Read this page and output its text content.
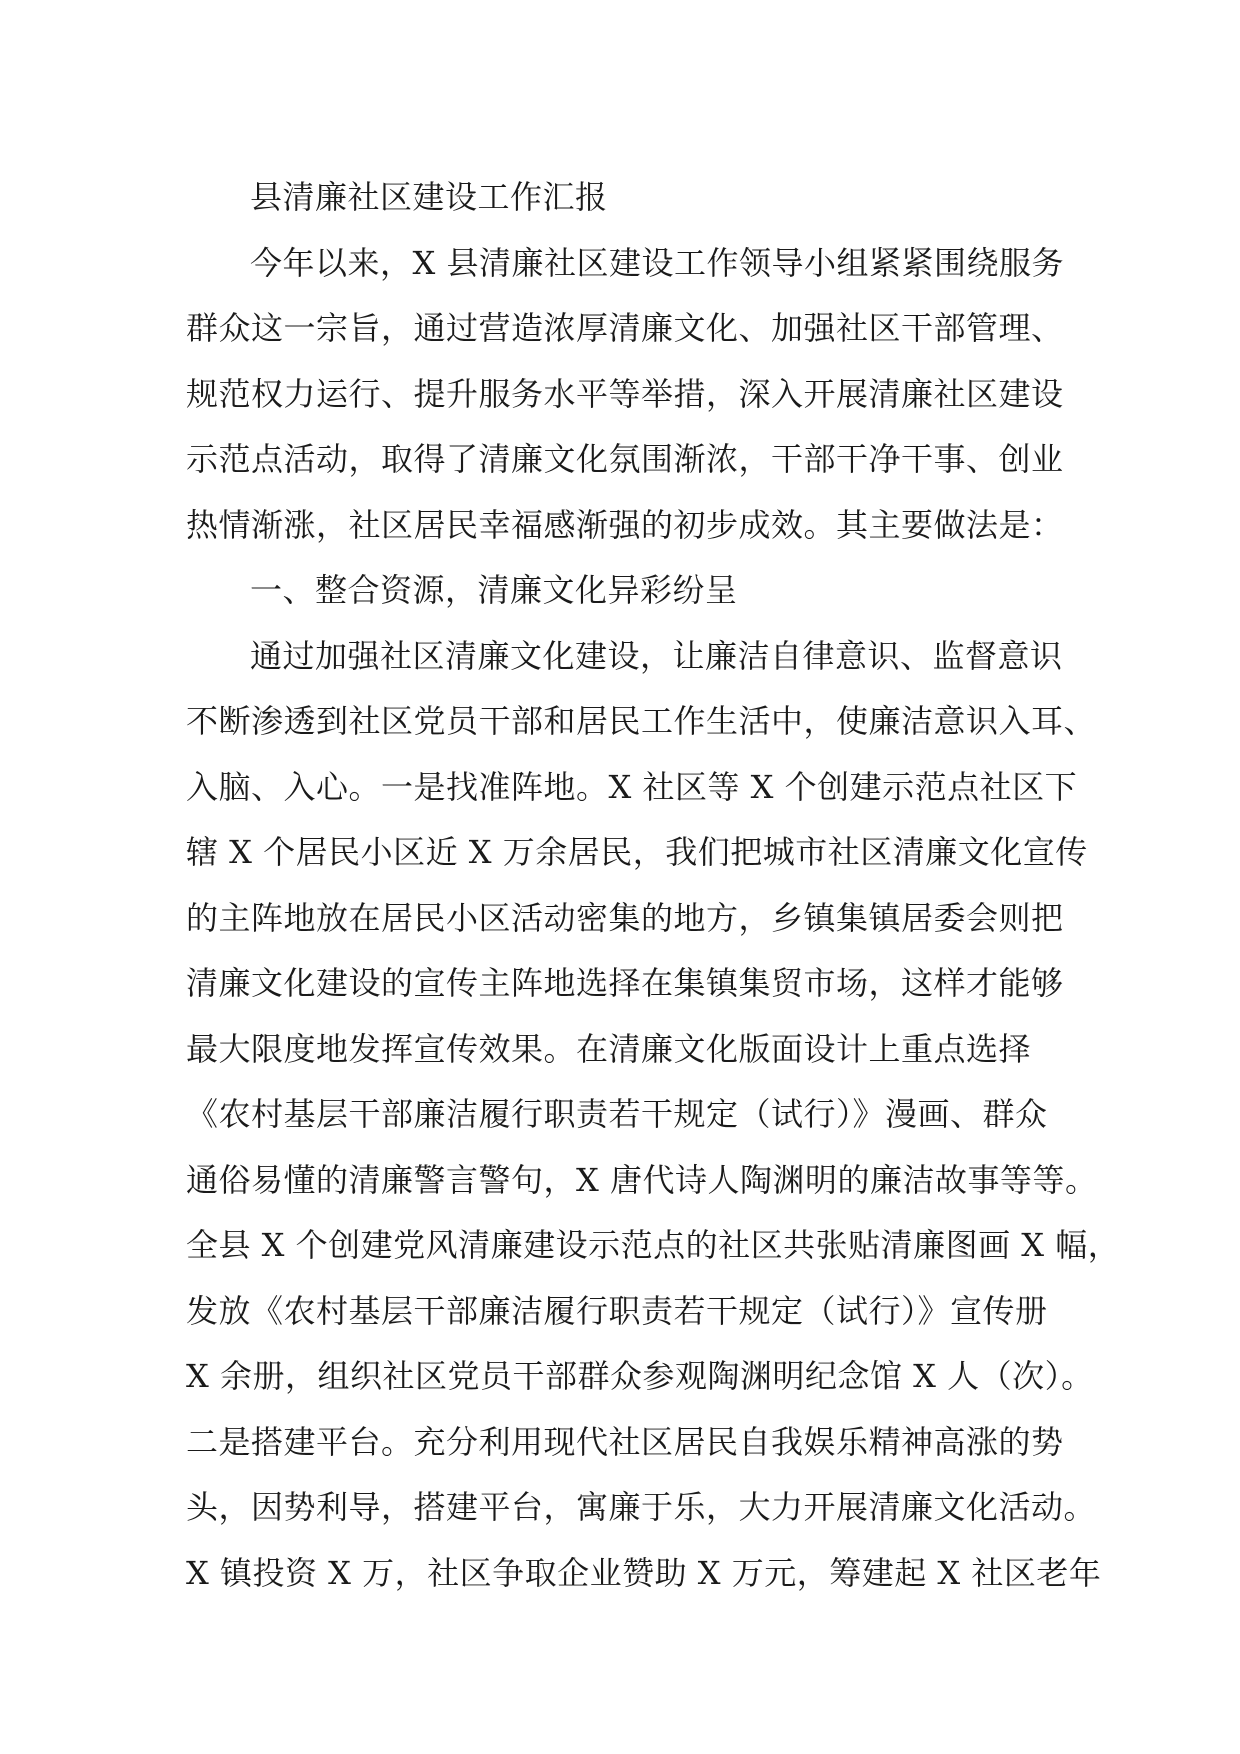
县清廉社区建设工作汇报
今年以来，X 县清廉社区建设工作领导小组紧紧围绕服务
群众这一宗旨，通过营造浓厚清廉文化、加强社区干部管理、
规范权力运行、提升服务水平等举措，深入开展清廉社区建设
示范点活动，取得了清廉文化氛围渐浓，干部干净干事、创业
热情渐涨，社区居民幸福感渐强的初步成效。其主要做法是：
一、整合资源，清廉文化异彩纷呈
通过加强社区清廉文化建设，让廉洁自律意识、监督意识
不断渗透到社区党员干部和居民工作生活中，使廉洁意识入耳、
入脑、入心。一是找准阵地。X 社区等 X 个创建示范点社区下
辖 X 个居民小区近 X 万余居民，我们把城市社区清廉文化宣传
的主阵地放在居民小区活动密集的地方，乡镇集镇居委会则把
清廉文化建设的宣传主阵地选择在集镇集贸市场，这样才能够
最大限度地发挥宣传效果。在清廉文化版面设计上重点选择
《农村基层干部廉洁履行职责若干规定（试行）》漫画、群众
通俗易懂的清廉警言警句，X 唐代诗人陶渊明的廉洁故事等等。
全县 X 个创建党风清廉建设示范点的社区共张贴清廉图画 X 幅，
发放《农村基层干部廉洁履行职责若干规定（试行）》宣传册
X 余册，组织社区党员干部群众参观陶渊明纪念馆 X 人（次）。
二是搭建平台。充分利用现代社区居民自我娱乐精神高涨的势
头，因势利导，搭建平台，寓廉于乐，大力开展清廉文化活动。
X 镇投资 X 万，社区争取企业赞助 X 万元，筹建起 X 社区老年
